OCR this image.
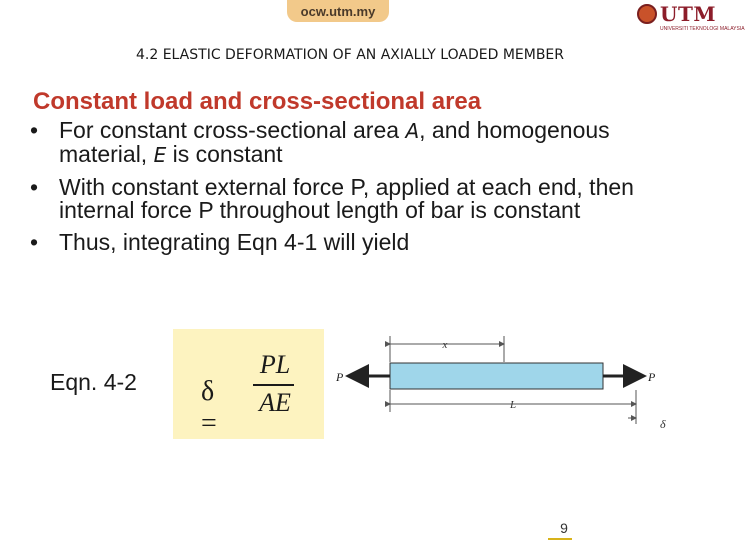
ocw.utm.my	UTM
UNIVERSITI TEKNOLOGI MALAYSIA
4.2 ELASTIC DEFORMATION OF AN AXIALLY LOADED MEMBER
Constant load and cross-sectional area
• For constant cross-sectional area A, and homogenous material, E is constant
• With constant external force P, applied at each end, then internal force P throughout length of bar is constant
• Thus, integrating Eqn 4-1 will yield
Eqn. 4-2 δ =
PL
AE
x
P	P
L
δ
9
